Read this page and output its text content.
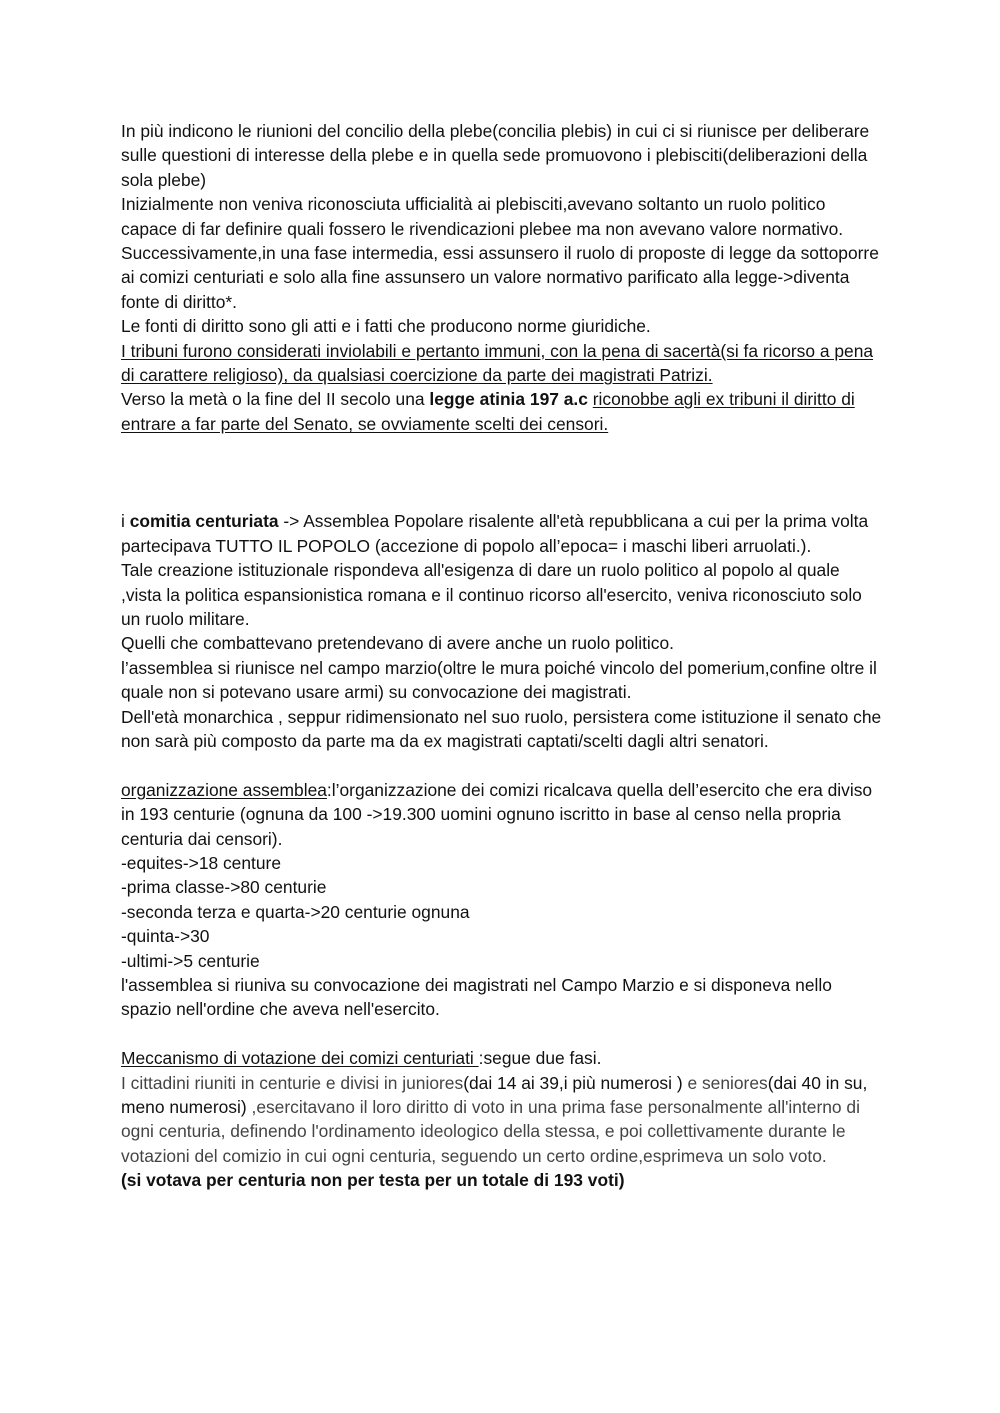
In più indicono le riunioni del concilio della plebe(concilia plebis) in cui ci si riunisce per deliberare sulle questioni di interesse della plebe e in quella sede promuovono i plebisciti(deliberazioni della sola plebe)

Inizialmente non veniva riconosciuta ufficialità ai plebisciti,avevano soltanto un ruolo politico capace di far definire quali fossero le rivendicazioni plebee ma non avevano valore normativo.

Successivamente,in una fase intermedia, essi assunsero il ruolo di proposte di legge da sottoporre ai comizi centuriati e solo alla fine assunsero un valore normativo parificato alla legge->diventa fonte di diritto*.

Le fonti di diritto sono gli atti e i fatti che producono norme giuridiche.

I tribuni furono considerati inviolabili e pertanto immuni, con la pena di sacertà(si fa ricorso a pena di carattere religioso), da qualsiasi coercizione da parte dei magistrati Patrizi.

Verso la metà o la fine del II secolo una legge atinia 197 a.c riconobbe agli ex tribuni il diritto di entrare a far parte del Senato, se ovviamente scelti dei censori.

i comitia centuriata -> Assemblea Popolare risalente all'età repubblicana a cui per la prima volta partecipava TUTTO IL POPOLO (accezione di popolo all’epoca= i maschi liberi arruolati.).

Tale creazione istituzionale rispondeva all'esigenza di dare un ruolo politico al popolo al quale ,vista la politica espansionistica romana e il continuo ricorso all'esercito, veniva riconosciuto solo un ruolo militare.

Quelli che combattevano pretendevano di avere anche un ruolo politico.

l’assemblea si riunisce nel campo marzio(oltre le mura poiché vincolo del pomerium,confine oltre il quale non si potevano usare armi) su convocazione dei magistrati.

Dell'età monarchica , seppur ridimensionato nel suo ruolo, persistera come istituzione il senato che non sarà più composto da parte ma da ex magistrati captati/scelti dagli altri senatori.

organizzazione assemblea:l’organizzazione dei comizi ricalcava quella dell’esercito che era diviso in 193 centurie (ognuna da 100 ->19.300 uomini ognuno iscritto in base al censo nella propria centuria dai censori).

-equites->18 centure

-prima classe->80 centurie

-seconda terza e quarta->20 centurie ognuna

-quinta->30

-ultimi->5 centurie

l'assemblea si riuniva su convocazione dei magistrati nel Campo Marzio e si disponeva nello spazio nell'ordine che aveva nell'esercito.

Meccanismo di votazione dei comizi centuriati :segue due fasi.

I cittadini riuniti in centurie e divisi in juniores(dai 14 ai 39,i più numerosi ) e seniores(dai 40 in su, meno numerosi) ,esercitavano il loro diritto di voto in una prima fase personalmente all'interno di ogni centuria, definendo l'ordinamento ideologico della stessa, e poi collettivamente durante le votazioni del comizio in cui ogni centuria, seguendo un certo ordine,esprimeva un solo voto.

(si votava per centuria non per testa per un totale di 193 voti)
